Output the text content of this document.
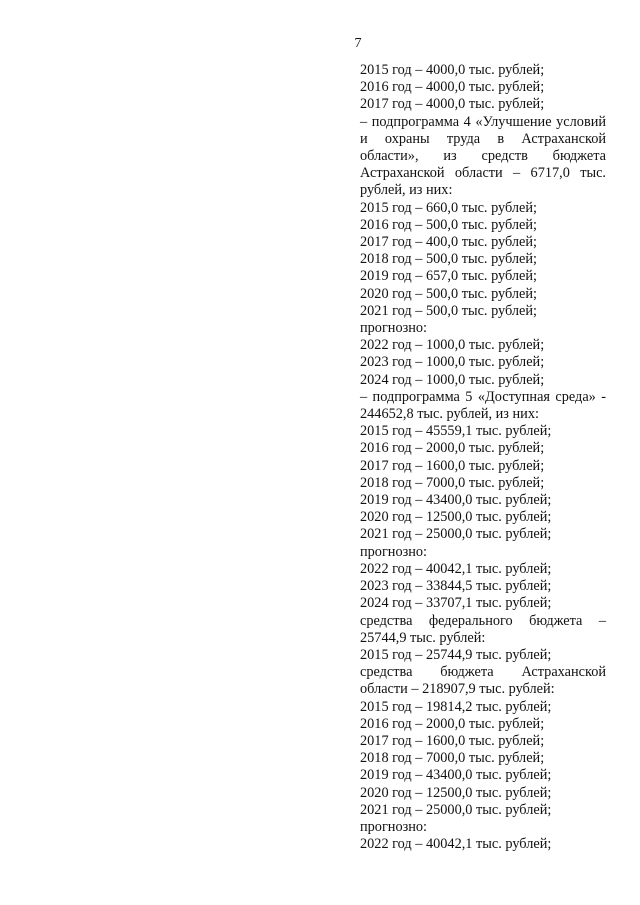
7
2015 год – 4000,0 тыс. рублей;
2016 год – 4000,0 тыс. рублей;
2017 год – 4000,0 тыс. рублей;
– подпрограмма 4 «Улучшение условий и охраны труда в Астраханской области», из средств бюджета Астраханской области – 6717,0 тыс. рублей, из них:
2015 год – 660,0 тыс. рублей;
2016 год – 500,0 тыс. рублей;
2017 год – 400,0 тыс. рублей;
2018 год – 500,0 тыс. рублей;
2019 год – 657,0 тыс. рублей;
2020 год – 500,0 тыс. рублей;
2021 год – 500,0 тыс. рублей;
прогнозно:
2022 год – 1000,0 тыс. рублей;
2023 год – 1000,0 тыс. рублей;
2024 год – 1000,0 тыс. рублей;
– подпрограмма 5 «Доступная среда» - 244652,8 тыс. рублей, из них:
2015 год – 45559,1 тыс. рублей;
2016 год – 2000,0 тыс. рублей;
2017 год – 1600,0 тыс. рублей;
2018 год – 7000,0 тыс. рублей;
2019 год – 43400,0 тыс. рублей;
2020 год – 12500,0 тыс. рублей;
2021 год – 25000,0 тыс. рублей;
прогнозно:
2022 год – 40042,1 тыс. рублей;
2023 год – 33844,5 тыс. рублей;
2024 год – 33707,1 тыс. рублей;
средства федерального бюджета – 25744,9 тыс. рублей:
2015 год – 25744,9 тыс. рублей;
средства бюджета Астраханской области – 218907,9 тыс. рублей:
2015 год – 19814,2 тыс. рублей;
2016 год – 2000,0 тыс. рублей;
2017 год – 1600,0 тыс. рублей;
2018 год – 7000,0 тыс. рублей;
2019 год – 43400,0 тыс. рублей;
2020 год – 12500,0 тыс. рублей;
2021 год – 25000,0 тыс. рублей;
прогнозно:
2022 год – 40042,1 тыс. рублей;
